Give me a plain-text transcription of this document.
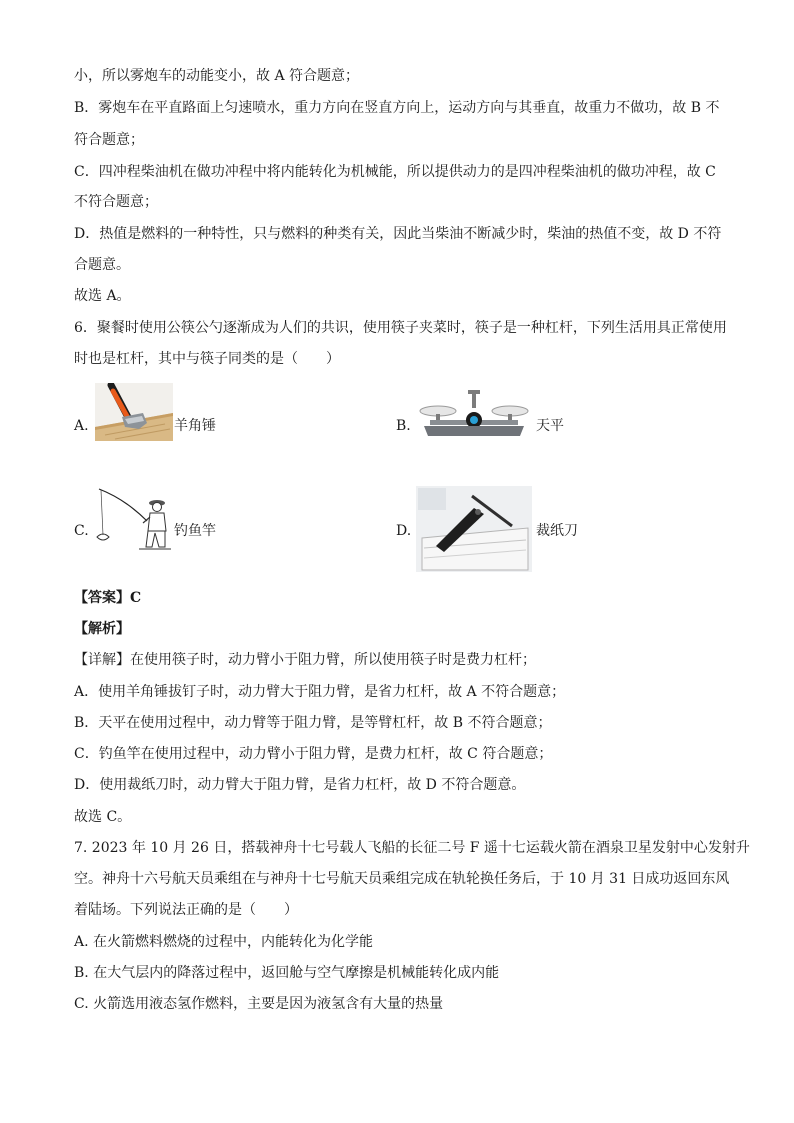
小，所以雾炮车的动能变小，故 A 符合题意；
B．雾炮车在平直路面上匀速喷水，重力方向在竖直方向上，运动方向与其垂直，故重力不做功，故 B 不
符合题意；
C．四冲程柴油机在做功冲程中将内能转化为机械能，所以提供动力的是四冲程柴油机的做功冲程，故 C
不符合题意；
D．热值是燃料的一种特性，只与燃料的种类有关，因此当柴油不断减少时，柴油的热值不变，故 D 不符
合题意。
故选 A。
6．聚餐时使用公筷公勺逐渐成为人们的共识，使用筷子夹菜时，筷子是一种杠杆，下列生活用具正常使用
时也是杠杆，其中与筷子同类的是（　　）
A.	羊角锤	B.	天平
C.	钓鱼竿	D.	裁纸刀
【答案】C
【解析】
【详解】在使用筷子时，动力臂小于阻力臂，所以使用筷子时是费力杠杆；
A．使用羊角锤拔钉子时，动力臂大于阻力臂，是省力杠杆，故 A 不符合题意；
B．天平在使用过程中，动力臂等于阻力臂，是等臂杠杆，故 B 不符合题意；
C．钓鱼竿在使用过程中，动力臂小于阻力臂，是费力杠杆，故 C 符合题意；
D．使用裁纸刀时，动力臂大于阻力臂，是省力杠杆，故 D 不符合题意。
故选 C。
7. 2023 年 10 月 26 日，搭载神舟十七号载人飞船的长征二号 F 遥十七运载火箭在酒泉卫星发射中心发射升
空。神舟十六号航天员乘组在与神舟十七号航天员乘组完成在轨轮换任务后，于 10 月 31 日成功返回东风
着陆场。下列说法正确的是（　　）
A. 在火箭燃料燃烧的过程中，内能转化为化学能
B. 在大气层内的降落过程中，返回舱与空气摩擦是机械能转化成内能
C. 火箭选用液态氢作燃料，主要是因为液氢含有大量的热量
